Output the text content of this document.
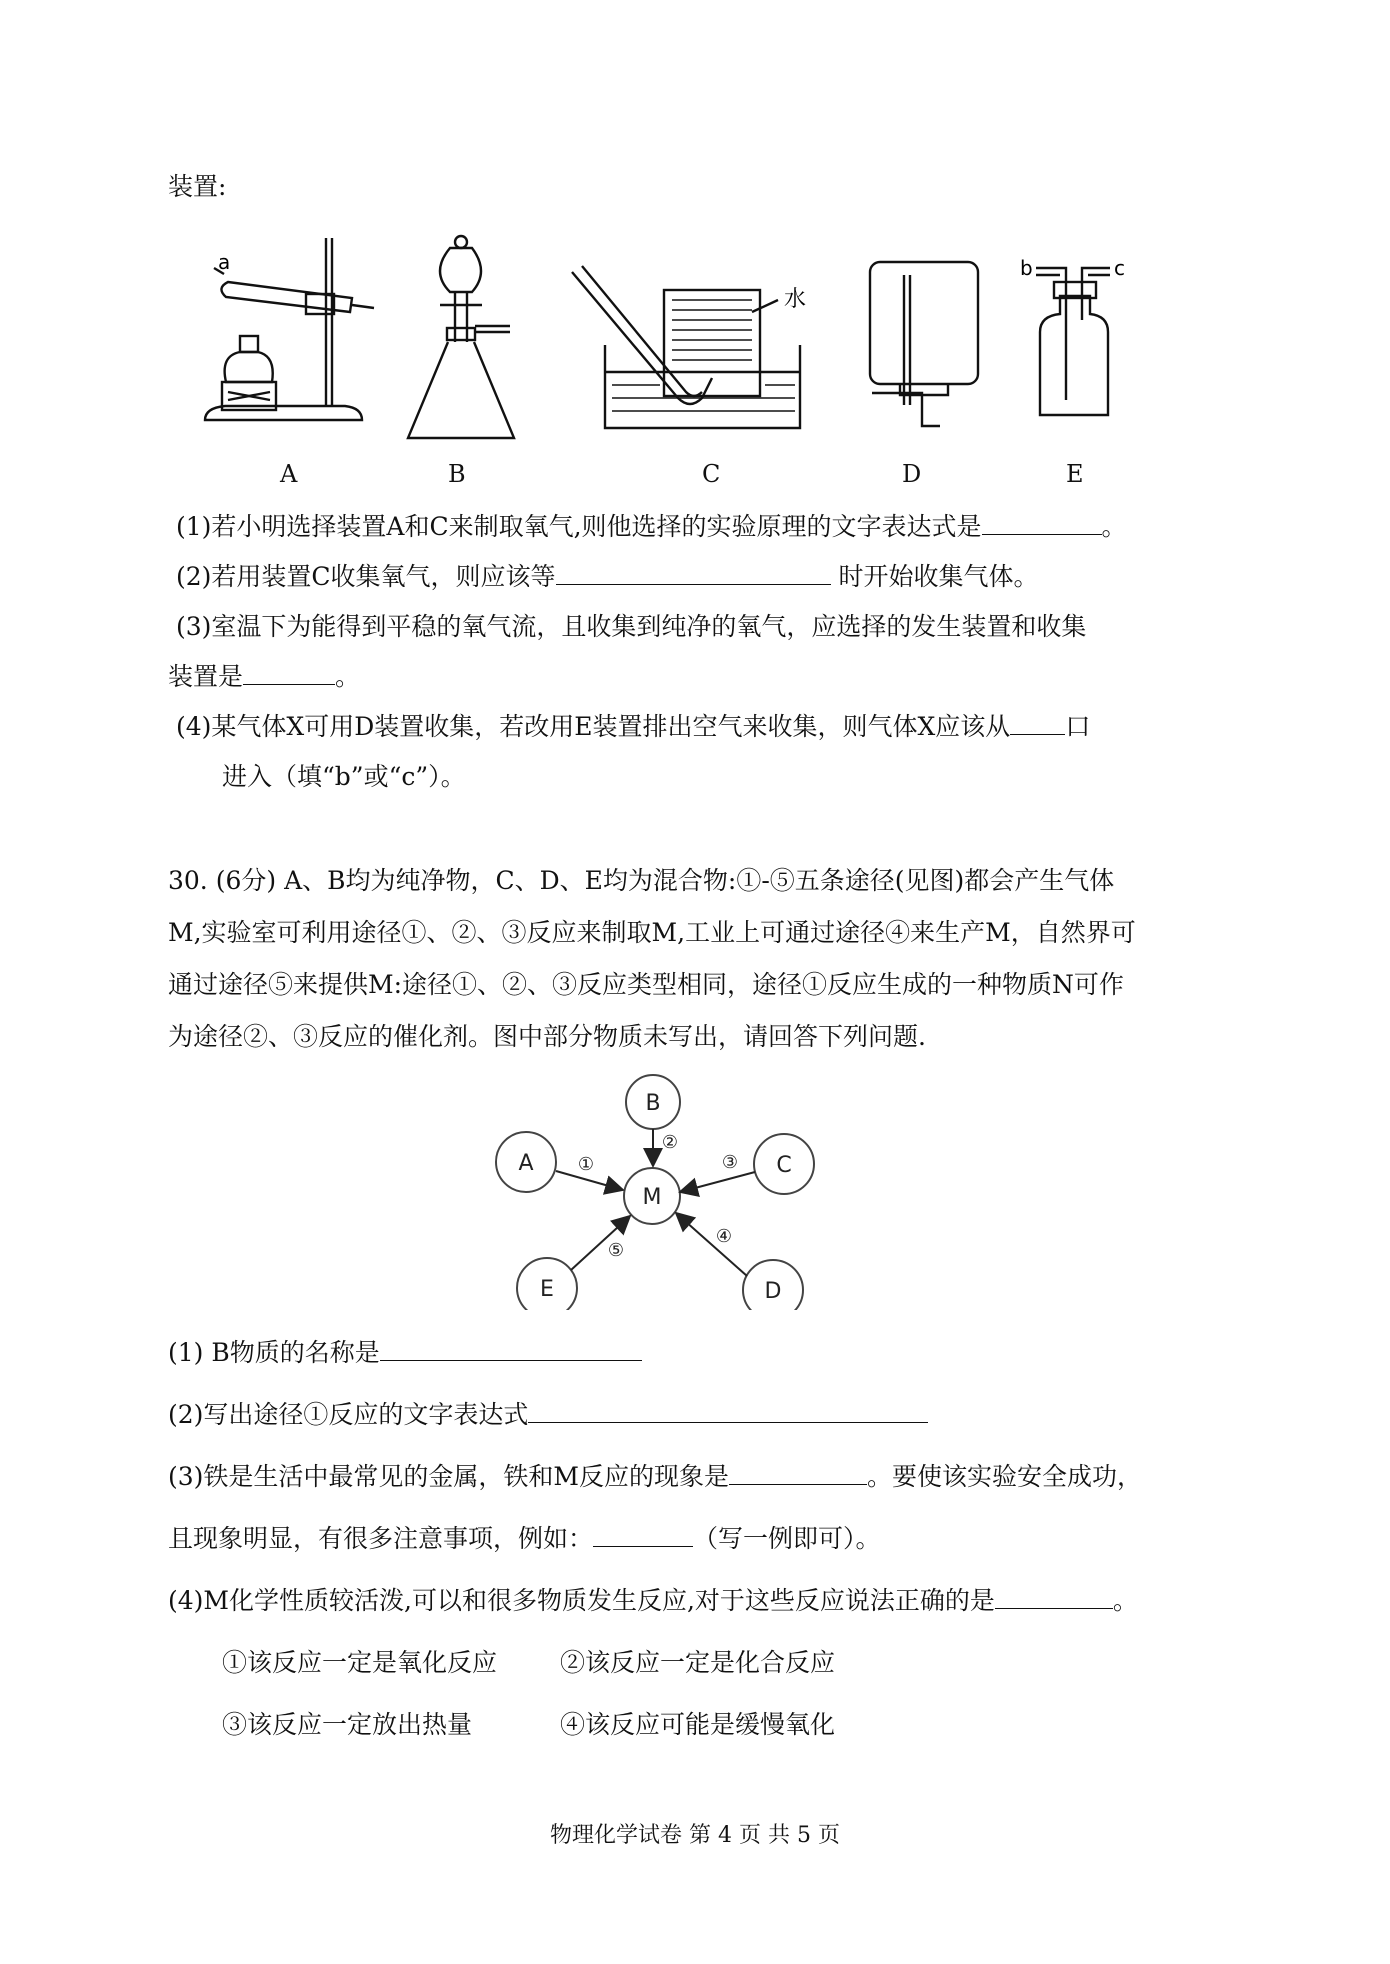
装置:
a
水
b	c
A	B	C	D	E
(1)若小明选择装置A和C来制取氧气,则他选择的实验原理的文字表达式是	。
(2)若用装置C收集氧气，则应该等	时开始收集气体。
(3)室温下为能得到平稳的氧气流，且收集到纯净的氧气，应选择的发生装置和收集
装置是	。
(4)某气体X可用D装置收集，若改用E装置排出空气来收集，则气体X应该从 口
进入（填“b”或“c”）。
30. (6分) A、B均为纯净物，C、D、E均为混合物:①-⑤五条途径(见图)都会产生气体
M,实验室可利用途径①、②、③反应来制取M,工业上可通过途径④来生产M，自然界可
通过途径⑤来提供M:途径①、②、③反应类型相同，途径①反应生成的一种物质N可作
为途径②、③反应的催化剂。图中部分物质未写出，请回答下列问题.
M
B
A	C
E	D
①
②
③
④
⑤
(1) B物质的名称是
(2)写出途径①反应的文字表达式
(3)铁是生活中最常见的金属，铁和M反应的现象是	。要使该实验安全成功，
且现象明显，有很多注意事项，例如：	（写一例即可）。
(4)M化学性质较活泼,可以和很多物质发生反应,对于这些反应说法正确的是	。
①该反应一定是氧化反应	②该反应一定是化合反应
③该反应一定放出热量	④该反应可能是缓慢氧化
物理化学试卷 第 4 页 共 5 页
